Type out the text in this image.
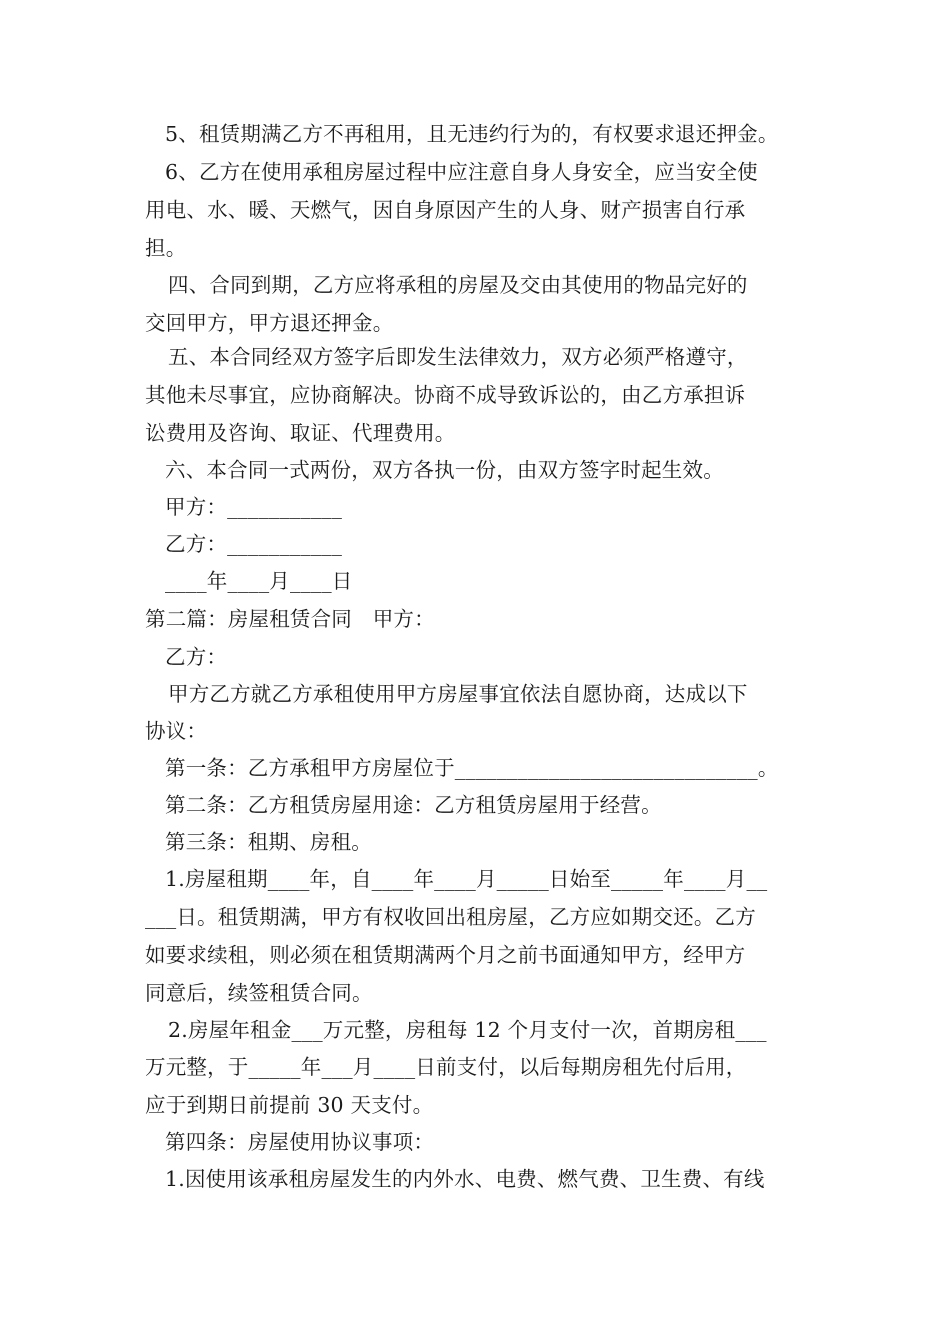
5、租赁期满乙方不再租用，且无违约行为的，有权要求退还押金。
6、乙方在使用承租房屋过程中应注意自身人身安全，应当安全使
用电、水、暖、天燃气，因自身原因产生的人身、财产损害自行承
担。
四、合同到期，乙方应将承租的房屋及交由其使用的物品完好的
交回甲方，甲方退还押金。
五、本合同经双方签字后即发生法律效力，双方必须严格遵守，
其他未尽事宜，应协商解决。协商不成导致诉讼的，由乙方承担诉
讼费用及咨询、取证、代理费用。
六、本合同一式两份，双方各执一份，由双方签字时起生效。
甲方：___________
乙方：___________
____年____月____日
第二篇：房屋租赁合同　甲方：
乙方：
甲方乙方就乙方承租使用甲方房屋事宜依法自愿协商，达成以下
协议：
第一条：乙方承租甲方房屋位于_____________________________。
第二条：乙方租赁房屋用途：乙方租赁房屋用于经营。
第三条：租期、房租。
1.房屋租期____年，自____年____月_____日始至_____年____月__
___日。租赁期满，甲方有权收回出租房屋，乙方应如期交还。乙方
如要求续租，则必须在租赁期满两个月之前书面通知甲方，经甲方
同意后，续签租赁合同。
2.房屋年租金___万元整，房租每 12 个月支付一次，首期房租___
万元整，于_____年___月____日前支付，以后每期房租先付后用，
应于到期日前提前 30 天支付。
第四条：房屋使用协议事项：
1.因使用该承租房屋发生的内外水、电费、燃气费、卫生费、有线
